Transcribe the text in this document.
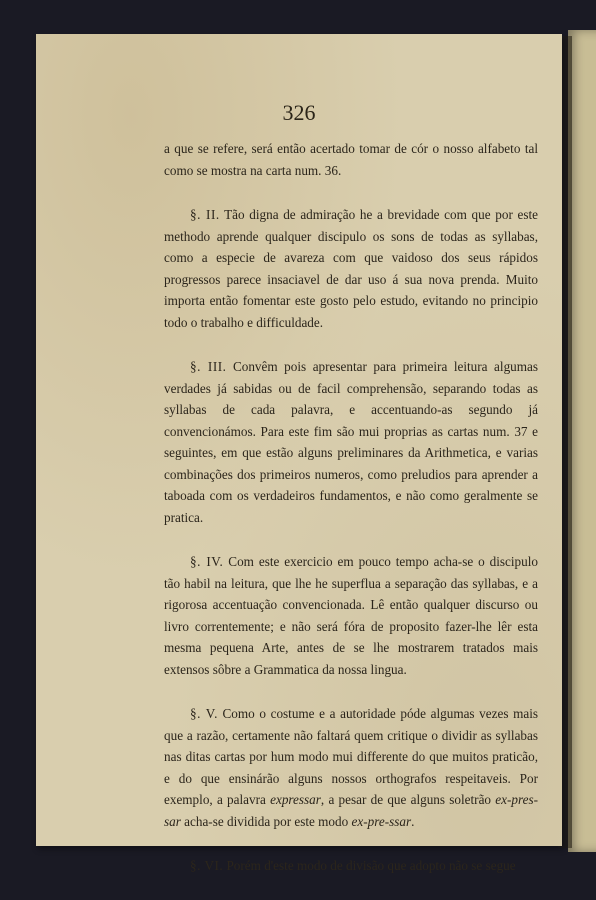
326

a que se refere, será então acertado tomar de cór o nosso alfabeto tal como se mostra na carta num. 36.

§. II. Tão digna de admiração he a brevidade com que por este methodo aprende qualquer discipulo os sons de todas as syllabas, como a especie de avareza com que vaidoso dos seus rápidos progressos parece insaciavel de dar uso á sua nova prenda. Muito importa então fomentar este gosto pelo estudo, evitando no principio todo o trabalho e difficuldade.

§. III. Convêm pois apresentar para primeira leitura algumas verdades já sabidas ou de facil comprehensão, separando todas as syllabas de cada palavra, e accentuando-as segundo já convencionámos. Para este fim são mui proprias as cartas num. 37 e seguintes, em que estão alguns preliminares da Arithmetica, e varias combinações dos primeiros numeros, como preludios para aprender a taboada com os verdadeiros fundamentos, e não como geralmente se pratica.

§. IV. Com este exercicio em pouco tempo acha-se o discipulo tão habil na leitura, que lhe he superflua a separação das syllabas, e a rigorosa accentuação convencionada. Lê então qualquer discurso ou livro correntemente; e não será fóra de proposito fazer-lhe lêr esta mesma pequena Arte, antes de se lhe mostrarem tratados mais extensos sôbre a Grammatica da nossa lingua.

§. V. Como o costume e a autoridade póde algumas vezes mais que a razão, certamente não faltará quem critique o dividir as syllabas nas ditas cartas por hum modo mui differente do que muitos praticão, e do que ensinárão alguns nossos orthografos respeitaveis. Por exemplo, a palavra expressar, a pesar de que alguns soletrão ex-pres-sar acha-se dividida por este modo ex-pre-ssar.

§. VI. Porém d'este modo de divisão que adopto não se segue
